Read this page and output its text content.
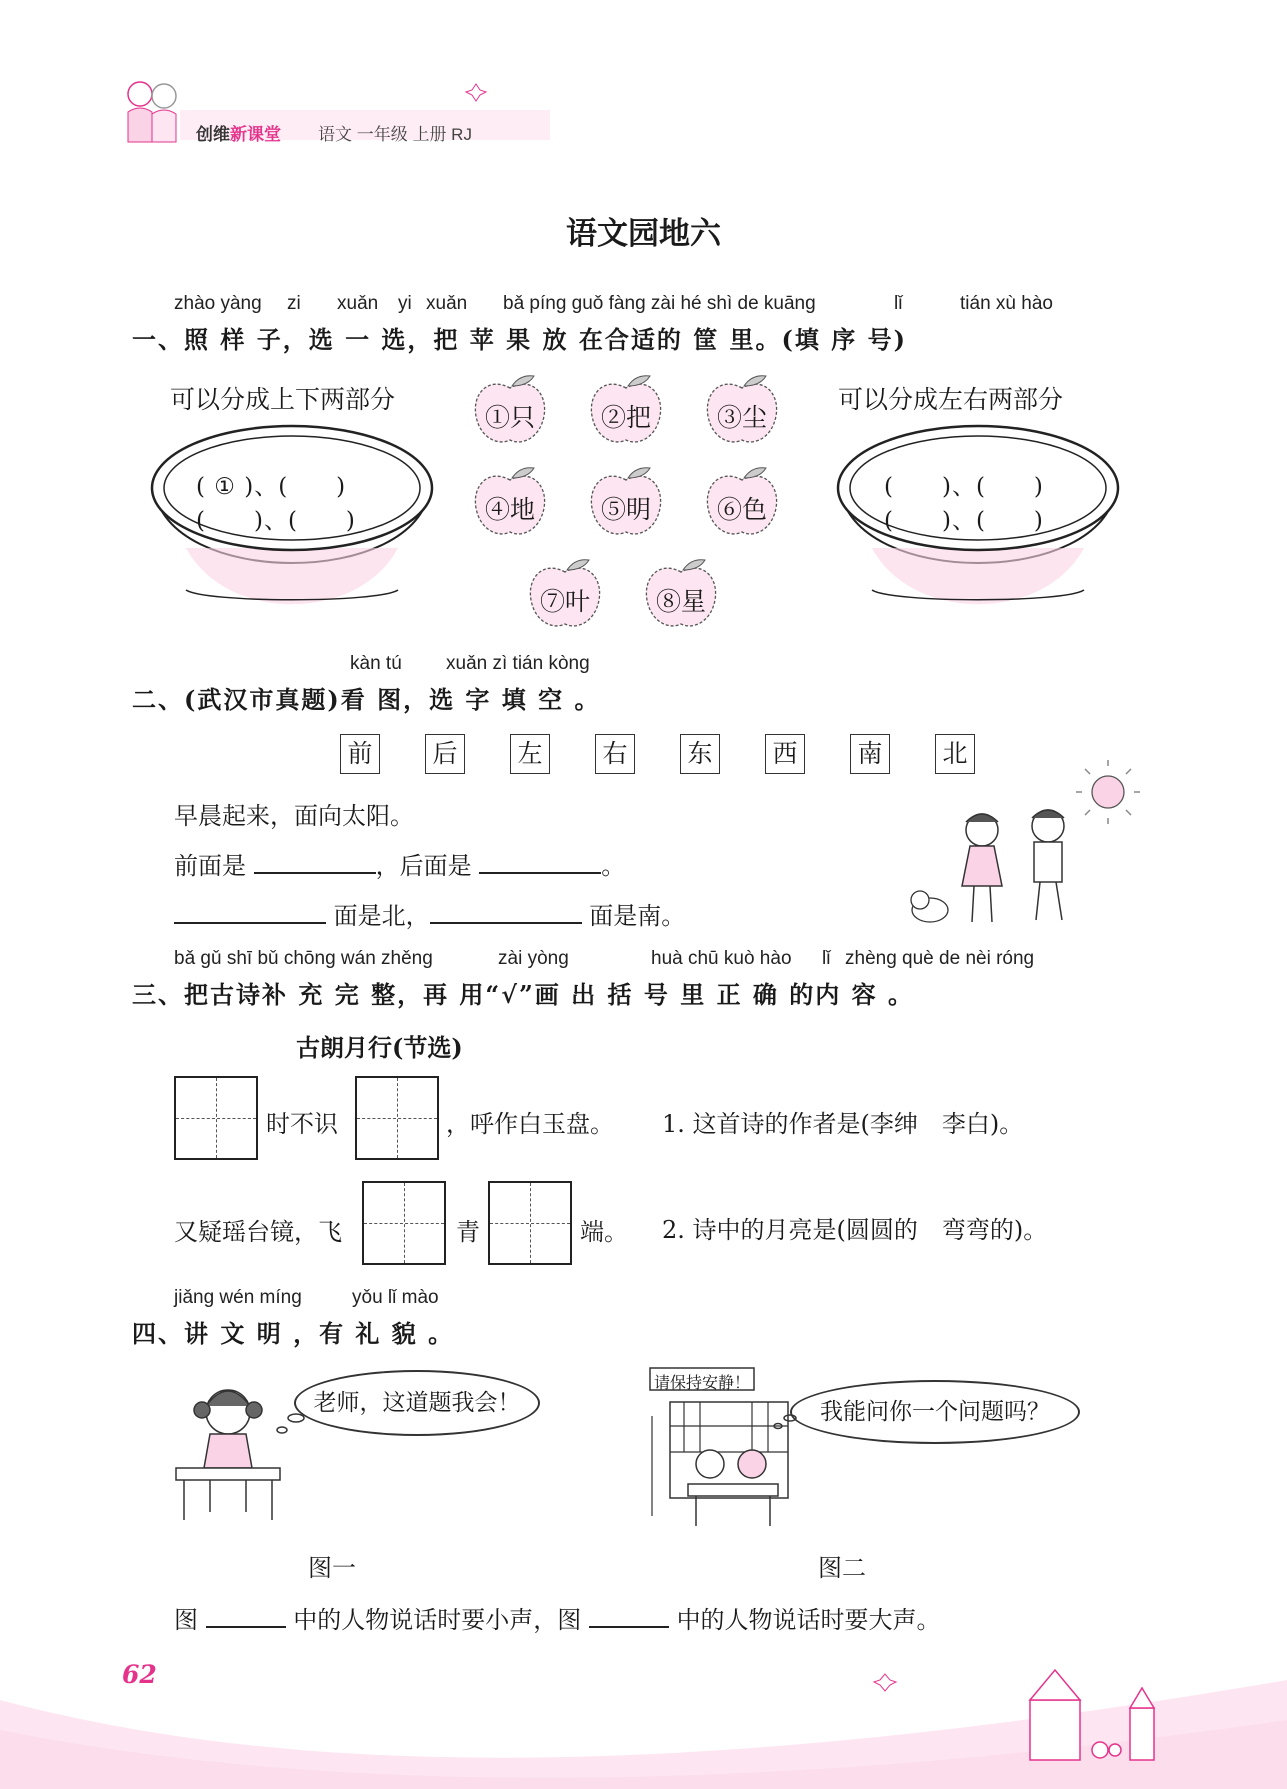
创维新课堂 语文 一年级 上册 RJ
语文园地六
zhào yàng zi xuǎn yi xuǎn bǎ píng guǒ fàng zài hé shì de kuāng	lǐ	tián xù hào
一、照 样 子，选 一 选，把 苹 果 放 在合适的 筐 里。(填 序 号)
可以分成上下两部分	可以分成左右两部分
( ① )、(　　)
(　　)、(　　)
(　　)、(　　)
(　　)、(　　)
①只	②把	③尘
④地	⑤明	⑥色
⑦叶	⑧星
kàn tú xuǎn zì tián kòng
二、(武汉市真题)看 图，选 字 填 空 。
前	后	左	右	东	西	南	北
早晨起来，面向太阳。
前面是	，后面是	。
面是北，	面是南。
bǎ gǔ shī bǔ chōng wán zhěng	zài yòng	huà chū kuò hào lǐ zhèng què de nèi róng
三、把古诗补 充 完 整，再 用“√”画 出 括 号 里 正 确 的内 容 。
古朗月行(节选)
时不识	，呼作白玉盘。
又疑瑶台镜，飞	青	端。
1. 这首诗的作者是(李绅　李白)。
2. 诗中的月亮是(圆圆的　弯弯的)。
jiǎng wén míng	yǒu lǐ mào
四、讲 文 明 ，有 礼 貌 。
老师，这道题我会！
请保持安静！
我能问你一个问题吗？
图一	图二
图	中的人物说话时要小声，图	中的人物说话时要大声。
62
